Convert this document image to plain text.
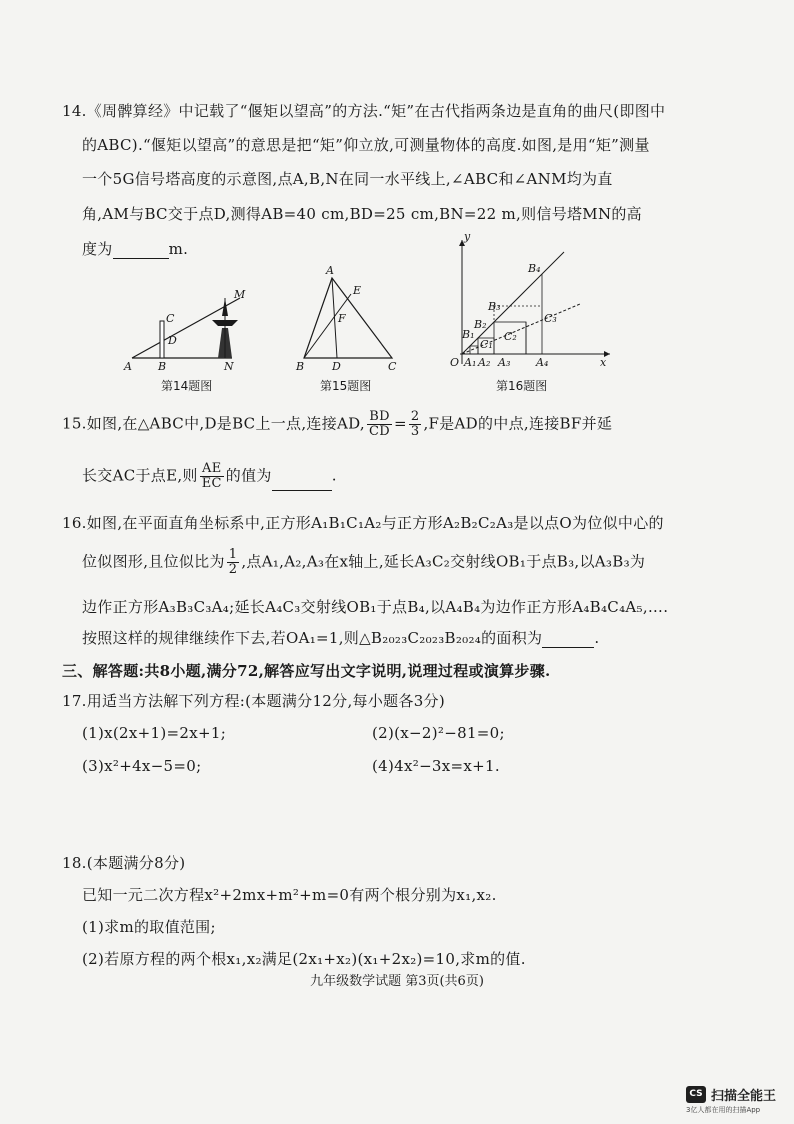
14.《周髀算经》中记载了“偃矩以望高”的方法.“矩”在古代指两条边是直角的曲尺(即图中
的ABC).“偃矩以望高”的意思是把“矩”仰立放,可测量物体的高度.如图,是用“矩”测量
一个5G信号塔高度的示意图,点A,B,N在同一水平线上,∠ABC和∠ANM均为直
角,AM与BC交于点D,测得AB=40 cm,BD=25 cm,BN=22 m,则信号塔MN的高
度为	m.
A B
C
D
M
N
第14题图
A
B	D	C
E
F
第15题图
y
x
O A₁ A₂ A₃ A₄
B₁
B₂
B₃
B₄
C₁
C₂
C₃
第16题图
15.如图,在△ABC中,D是BC上一点,连接AD, $\frac{BD}{CD} = \frac{2}{3} ,F$是AD的中点,连接BF并延
长交AC于点E,则 $\frac{AE}{EC}$ 的值为	.
16.如图,在平面直角坐标系中,正方形A₁B₁C₁A₂与正方形A₂B₂C₂A₃是以点O为位似中心的
位似图形,且位似比为 $\frac{1}{2}$ ,点A₁,A₂,A₃在x轴上,延长A₃C₂交射线OB₁于点B₃,以A₃B₃为
边作正方形A₃B₃C₃A₄;延长A₄C₃交射线OB₁于点B₄,以A₄B₄为边作正方形A₄B₄C₄A₅,….
按照这样的规律继续作下去,若OA₁=1,则△B₂₀₂₃C₂₀₂₃B₂₀₂₄的面积为	.
三、解答题:共8小题,满分72,解答应写出文字说明,说理过程或演算步骤.
17.用适当方法解下列方程:(本题满分12分,每小题各3分)
(1)x(2x+1)=2x+1;	(2)(x−2)²−81=0;
(3)x²+4x−5=0;	(4)4x²−3x=x+1.
18.(本题满分8分)
已知一元二次方程x²+2mx+m²+m=0有两个根分别为x₁,x₂.
(1)求m的取值范围;
(2)若原方程的两个根x₁,x₂满足(2x₁+x₂)(x₁+2x₂)=10,求m的值.
九年级数学试题 第3页(共6页)
CS 扫描全能王
3亿人都在用的扫描App
